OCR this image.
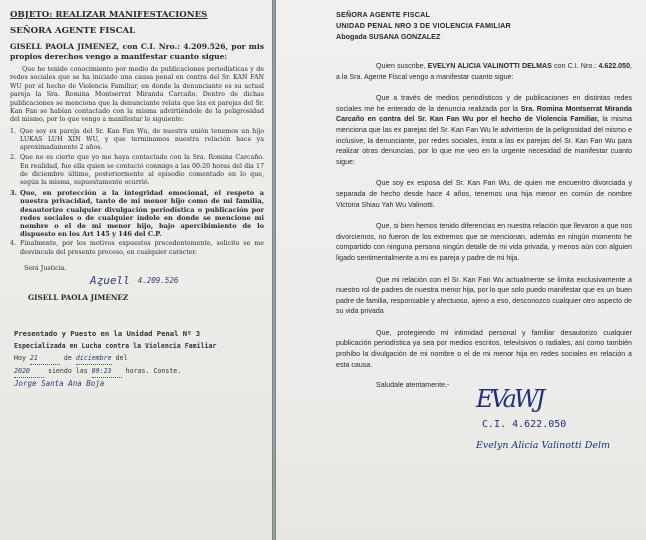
OBJETO: REALIZAR MANIFESTACIONES

SEÑORA AGENTE FISCAL

GISELL PAOLA JIMENEZ, con C.I. Nro.: 4.209.526, por mis propios derechos vengo a manifestar cuanto sigue:

Que he tenido conocimiento por medio de publicaciones periodísticas y de redes sociales que se ha iniciado una causa penal en contra del Sr. KAN FAN WU por el hecho de Violencia Familiar, en donde la denunciante es su actual pareja la Sra. Romina Montserrat Miranda Carcaño. Dentro de dichas publicaciones se menciona que la denunciante relata que las ex parejas del Sr. Kan Fan se habían contactado con la misma advirtiéndole de la peligrosidad del mismo, por lo que vengo a manifestar lo siguiente:

1. Que soy ex pareja del Sr. Kan Fan Wu, de nuestra unión tenemos un hijo LUKAS LUH XIN WU, y que terminamos nuestra relación hace ya aproximadamente 2 años.
2. Que no es cierto que yo me haya contactado con la Sra. Romina Carcaño. En realidad, fue ella quien se contactó conmigo a las 00:20 horas del día 17 de diciembre último, posteriormente al episodio comentado en lo que, según la misma, supuestamente ocurrió.
3. Que, en protección a la integridad emocional, el respeto a nuestra privacidad, tanto de mi menor hijo como de mi familia, desautorizo cualquier divulgación periodística o publicación por redes sociales o de cualquier índole en donde se mencione mi nombre o el de mi menor hijo, bajo apercibimiento de lo dispuesto en los Art 145 y 146 del C.P.
4. Finalmente, por los motivos expuestos precedentemente, solicito se me desvincule del presente proceso, en cualquier carácter.

Será Justicia.

Aȥuell 4.209.526

GISELL PAOLA JIMENEZ

Presentado y Puesto en la Unidad Penal Nº 3
Especializada en Lucha contra la Violencia Familiar
Hoy 21	de diciembre del
2020	siendo las 09:23 horas. Conste.
Jorge Santa Ana Boja

SEÑORA AGENTE FISCAL

UNIDAD PENAL NRO 3 DE VIOLENCIA FAMILIAR

Abogada SUSANA GONZALEZ

Quien suscribe, EVELYN ALICIA VALINOTTI DELMAS con C.I. Nro.: 4.622.050, a la Sra. Agente Fiscal vengo a manifestar cuanto sigue:

Que a través de medios periodísticos y de publicaciones en distintas redes sociales me he enterado de la denuncia realizada por la Sra. Romina Montserrat Miranda Carcaño en contra del Sr. Kan Fan Wu por el hecho de Violencia Familiar, la misma menciona que las ex parejas del Sr. Kan Fan Wu le advirtieron de la peligrosidad del mismo e inclusive, la denunciante, por redes sociales, insta a las ex parejas del Sr. Kan Fan Wu para realizar otras denuncias, por lo que me veo en la urgente necesidad de manifestar cuanto sigue:

Que soy ex esposa del Sr. Kan Fan Wu, de quien me encuentro divorciada y separada de hecho desde hace 4 años, tenemos una hija menor en común de nombre Victoria Shiau Yah Wu Valinotti.

Que, si bien hemos tenido diferencias en nuestra relación que llevaron a que nos divorciemos, no fueron de los extremos que se mencionan, además en ningún momento he compartido con ninguna persona ningún detalle de mi vida privada, y menos aún con alguien ligado sentimentalmente a mi ex pareja y padre de mi hija.

Que mi relación con el Sr. Kan Fan Wu actualmente se limita exclusivamente a nuestro rol de padres de nuestra menor hija, por lo que solo puedo manifestar que es un buen padre de familia, responsable y afectuoso, ajeno a eso, desconozco cualquier otro aspecto de su vida privada

Que, protegiendo mi intimidad personal y familiar desautorizo cualquier publicación periodística ya sea por medios escritos, televisivos o radiales, así como también prohíbo la divulgación de mi nombre o el de mi menor hija en redes sociales en relación a esta causa.

Saludale atentamente.-	EVaWJ
C.I. 4.622.050
Evelyn Alicia Valinotti Delm
